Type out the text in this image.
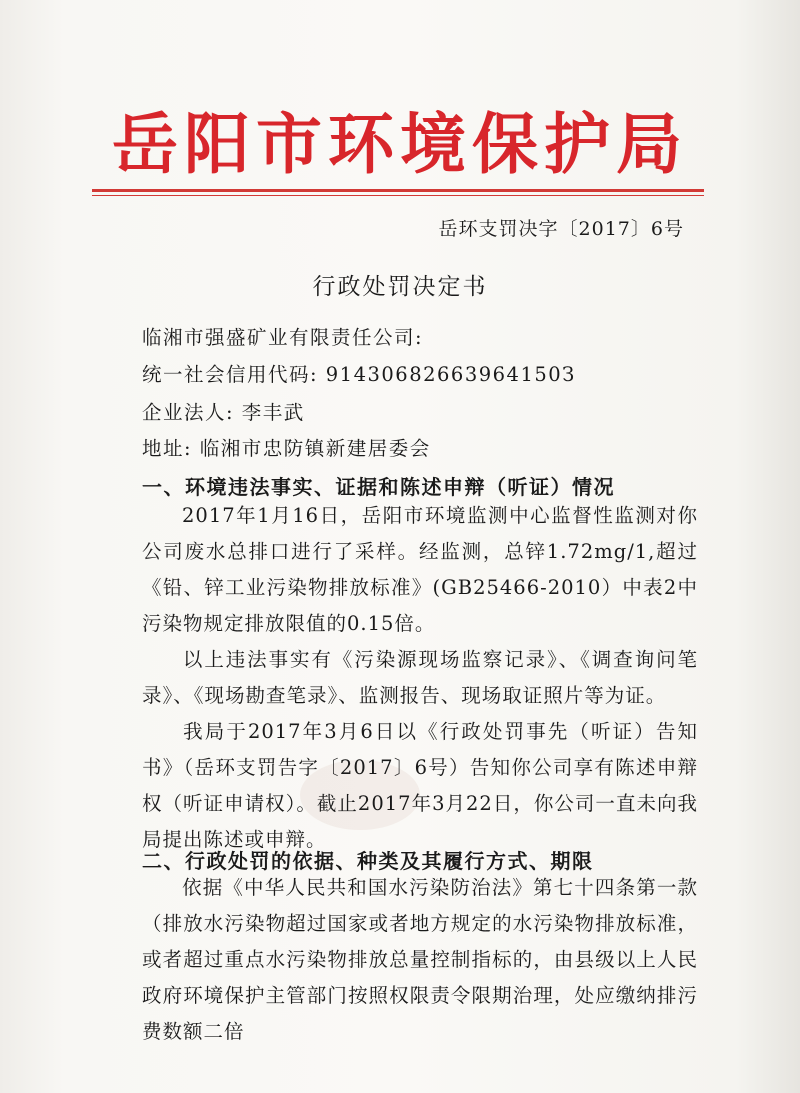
岳阳市环境保护局
岳环支罚决字〔2017〕6号
行政处罚决定书
临湘市强盛矿业有限责任公司:
统一社会信用代码: 91430682663964150З
企业法人: 李丰武
地址: 临湘市忠防镇新建居委会
一、环境违法事实、证据和陈述申辩（听证）情况
2017年1月16日，岳阳市环境监测中心监督性监测对你公司废水总排口进行了采样。经监测，总锌1.72mg/1,超过《铅、锌工业污染物排放标准》(GB25466-2010）中表2中污染物规定排放限值的0.15倍。
以上违法事实有《污染源现场监察记录》、《调查询问笔录》、《现场勘查笔录》、监测报告、现场取证照片等为证。
我局于2017年3月6日以《行政处罚事先（听证）告知书》（岳环支罚告字〔2017〕6号）告知你公司享有陈述申辩权（听证申请权）。截止2017年3月22日，你公司一直未向我局提出陈述或申辩。
二、行政处罚的依据、种类及其履行方式、期限
依据《中华人民共和国水污染防治法》第七十四条第一款（排放水污染物超过国家或者地方规定的水污染物排放标准，或者超过重点水污染物排放总量控制指标的，由县级以上人民政府环境保护主管部门按照权限责令限期治理，处应缴纳排污费数额二倍
